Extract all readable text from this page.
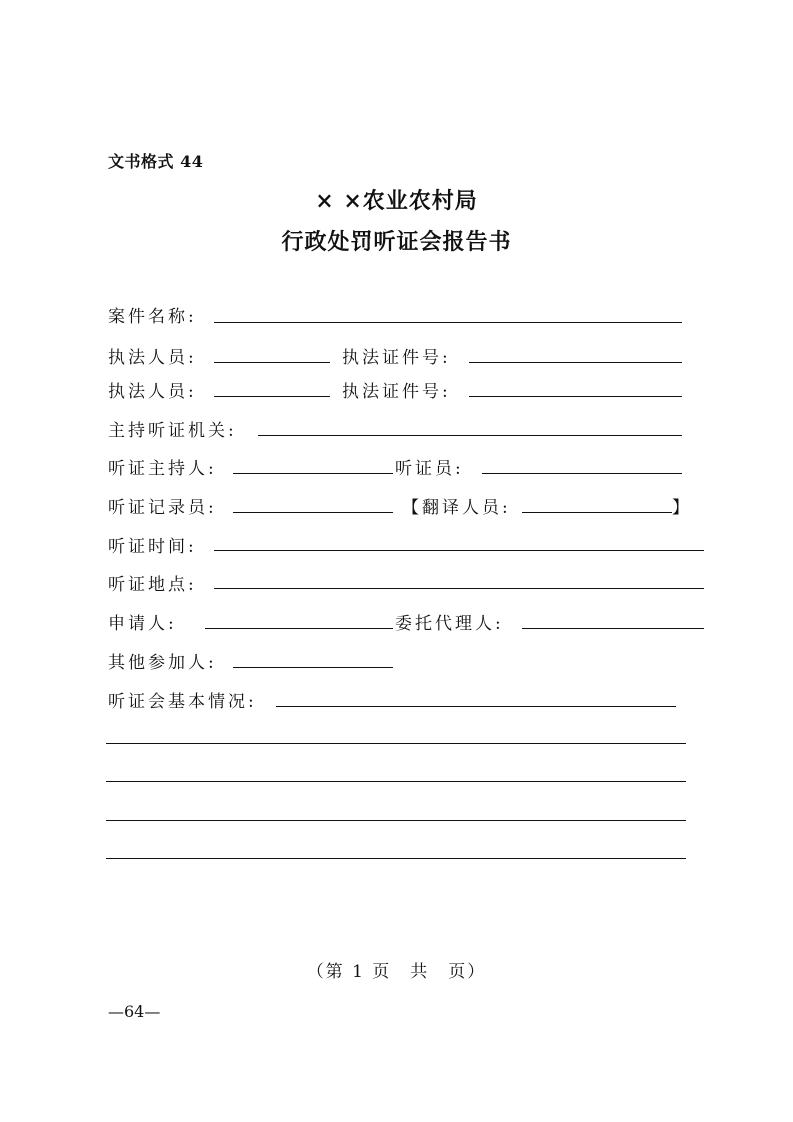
文书格式 44
× ×农业农村局
行政处罚听证会报告书
案件名称:
执法人员:	执法证件号:
执法人员:	执法证件号:
主持听证机关:
听证主持人:	听证员:
听证记录员:	【翻译人员:	】
听证时间:
听证地点:
申请人:	委托代理人:
其他参加人:
听证会基本情况:
（第 1 页　共　页）
—64—
